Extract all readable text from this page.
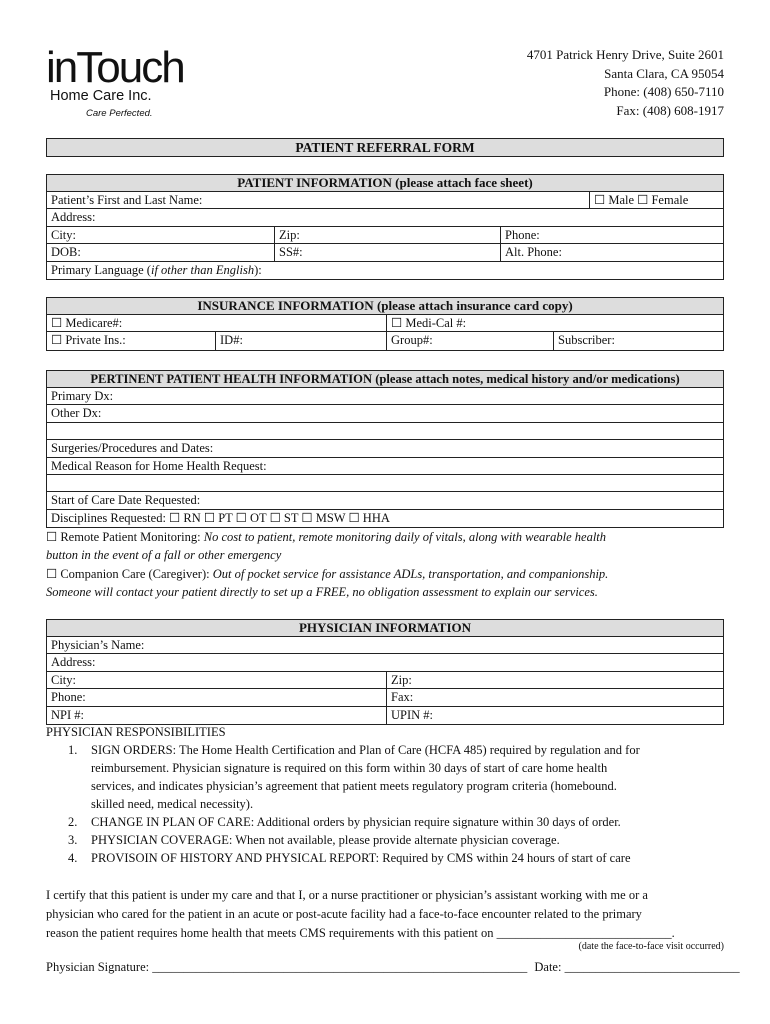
inTouch
Home Care Inc.
Care Perfected.
4701 Patrick Henry Drive, Suite 2601
Santa Clara, CA 95054
Phone: (408) 650-7110
Fax: (408) 608-1917
PATIENT REFERRAL FORM
PATIENT INFORMATION (please attach face sheet)
Patient’s First and Last Name:	☐ Male ☐ Female
Address:
City:	Zip:	Phone:
DOB:	SS#:	Alt. Phone:
Primary Language (if other than English):
INSURANCE INFORMATION (please attach insurance card copy)
☐ Medicare#:	☐ Medi-Cal #:
☐ Private Ins.:	ID#:	Group#:	Subscriber:
PERTINENT PATIENT HEALTH INFORMATION (please attach notes, medical history and/or medications)
Primary Dx:
Other Dx:
Surgeries/Procedures and Dates:
Medical Reason for Home Health Request:
Start of Care Date Requested:
Disciplines Requested: ☐ RN ☐ PT ☐ OT ☐ ST ☐ MSW ☐ HHA
☐ Remote Patient Monitoring: No cost to patient, remote monitoring daily of vitals, along with wearable health
button in the event of a fall or other emergency
☐ Companion Care (Caregiver): Out of pocket service for assistance ADLs, transportation, and companionship.
Someone will contact your patient directly to set up a FREE, no obligation assessment to explain our services.
PHYSICIAN INFORMATION
Physician’s Name:
Address:
City:	Zip:
Phone:	Fax:
NPI #:	UPIN #:
PHYSICIAN RESPONSIBILITIES
1. SIGN ORDERS: The Home Health Certification and Plan of Care (HCFA 485) required by regulation and for
reimbursement. Physician signature is required on this form within 30 days of start of care home health
services, and indicates physician’s agreement that patient meets regulatory program criteria (homebound.
skilled need, medical necessity).
2. CHANGE IN PLAN OF CARE: Additional orders by physician require signature within 30 days of order.
3. PHYSICIAN COVERAGE: When not available, please provide alternate physician coverage.
4. PROVISOIN OF HISTORY AND PHYSICAL REPORT: Required by CMS within 24 hours of start of care
I certify that this patient is under my care and that I, or a nurse practitioner or physician’s assistant working with me or a
physician who cared for the patient in an acute or post-acute facility had a face-to-face encounter related to the primary
reason the patient requires home health that meets CMS requirements with this patient on ____________________________.
(date the face-to-face visit occurred)
Physician Signature: ____________________________________________________________ Date: ____________________________
